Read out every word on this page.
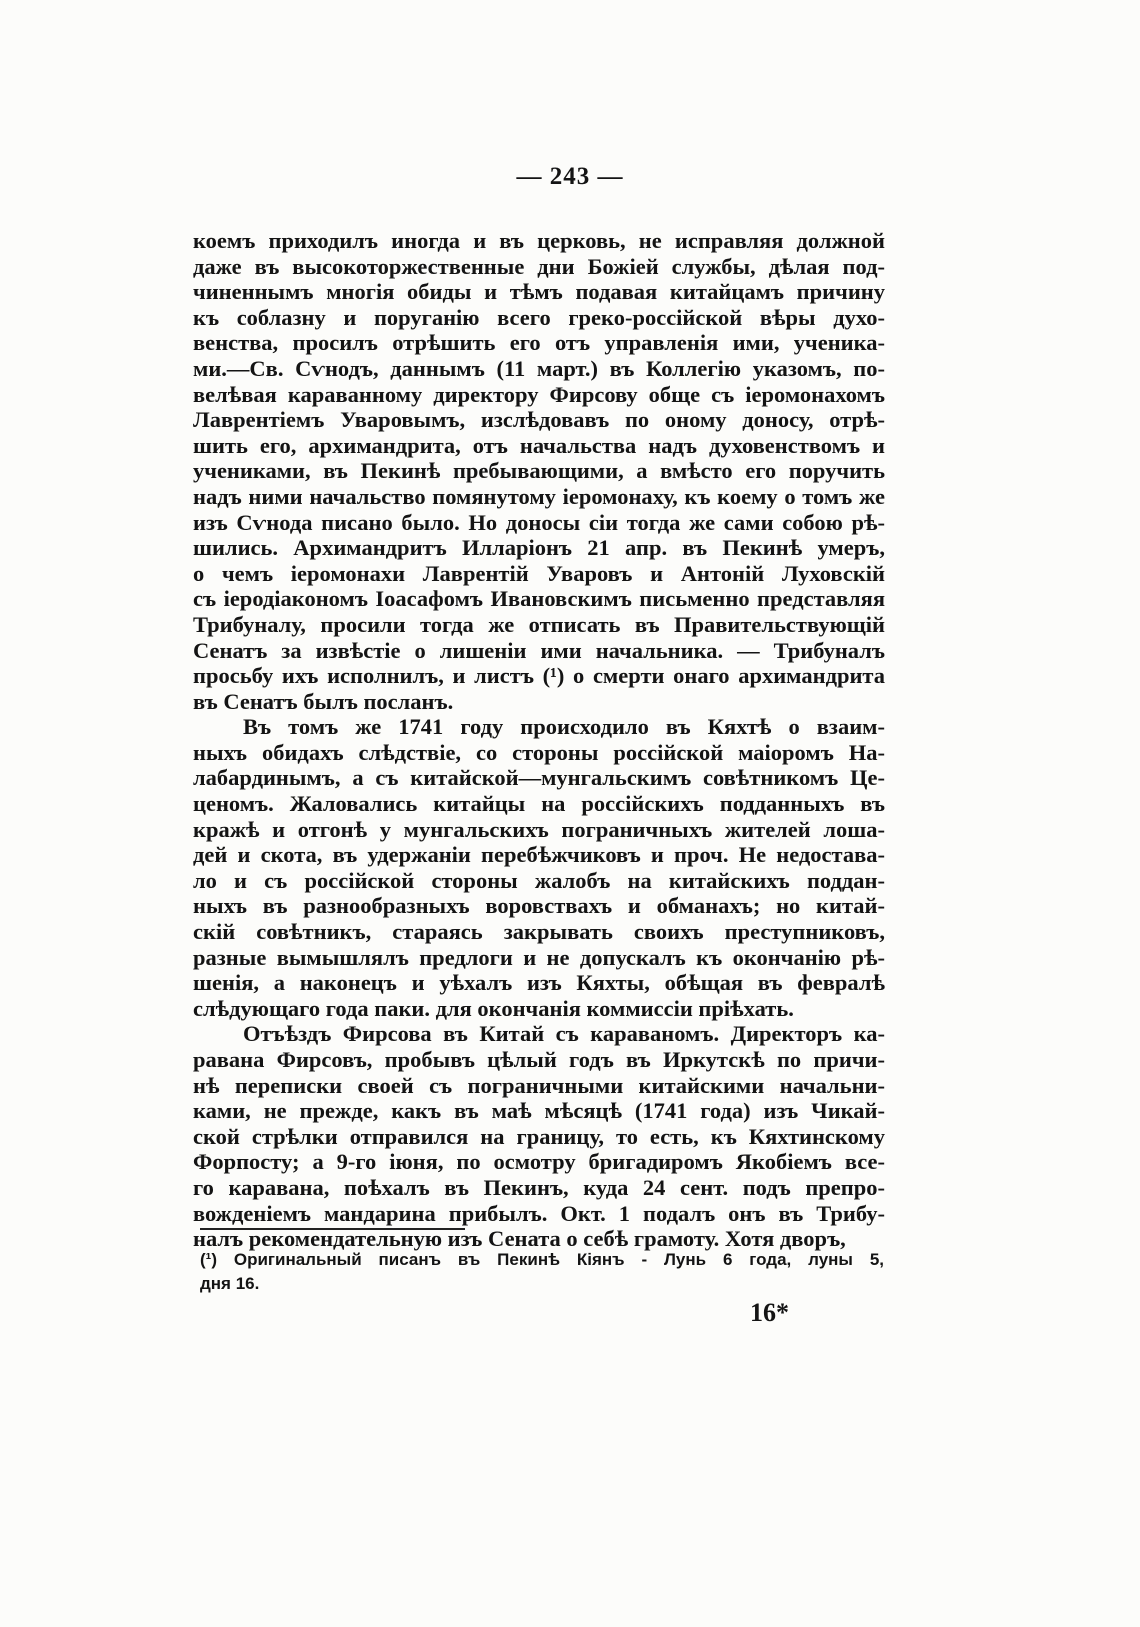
— 243 —
коемъ приходилъ иногда и въ церковь, не исправляя должной
даже въ высокоторжественные дни Божіей службы, дѣлая под-
чиненнымъ многія обиды и тѣмъ подавая китайцамъ причину
къ соблазну и поруганію всего греко-россійской вѣры духо-
венства, просилъ отрѣшить его отъ управленія ими, ученика-
ми.—Св. Сѵнодъ, даннымъ (11 март.) въ Коллегію указомъ, по-
велѣвая караванному директору Фирсову обще съ іеромонахомъ
Лаврентіемъ Уваровымъ, изслѣдовавъ по оному доносу, отрѣ-
шить его, архимандрита, отъ начальства надъ духовенствомъ и
учениками, въ Пекинѣ пребывающими, а вмѣсто его поручить
надъ ними начальство помянутому іеромонаху, къ коему о томъ же
изъ Сѵнода писано было. Но доносы сіи тогда же сами собою рѣ-
шились. Архимандритъ Илларіонъ 21 апр. въ Пекинѣ умеръ,
о чемъ іеромонахи Лаврентій Уваровъ и Антоній Луховскій
съ іеродіакономъ Іоасафомъ Ивановскимъ письменно представляя
Трибуналу, просили тогда же отписать въ Правительствующій
Сенатъ за извѣстіе о лишеніи ими начальника. — Трибуналъ
просьбу ихъ исполнилъ, и листъ (¹) о смерти онаго архимандрита
въ Сенатъ былъ посланъ.
Въ томъ же 1741 году происходило въ Кяхтѣ о взаим-
ныхъ обидахъ слѣдствіе, со стороны россійской маіоромъ На-
лабардинымъ, а съ китайской—мунгальскимъ совѣтникомъ Це-
ценомъ. Жаловались китайцы на россійскихъ подданныхъ въ
кражѣ и отгонѣ у мунгальскихъ пограничныхъ жителей лошa-
дей и скота, въ удержаніи перебѣжчиковъ и проч. Не недостава-
ло и съ россійской стороны жалобъ на китайскихъ поддан-
ныхъ въ разнообразныхъ воровствахъ и обманахъ; но китай-
скій совѣтникъ, стараясь закрывать своихъ преступниковъ,
разные вымышлялъ предлоги и не допускалъ къ окончанію рѣ-
шенія, а наконецъ и уѣхалъ изъ Кяхты, обѣщая въ февралѣ
слѣдующаго года паки. для окончанія коммиссіи пріѣхать.
Отъѣздъ Фирсова въ Китай съ караваномъ. Директоръ ка-
равана Фирсовъ, пробывъ цѣлый годъ въ Иркутскѣ по причи-
нѣ переписки своей съ пограничными китайскими начальни-
ками, не прежде, какъ въ маѣ мѣсяцѣ (1741 года) изъ Чикай-
ской стрѣлки отправился на границу, то есть, къ Кяхтинскому
Форпосту; а 9-го іюня, по осмотру бригадиромъ Якобіемъ все-
го каравана, поѣхалъ въ Пекинъ, куда 24 сент. подъ препро-
вожденіемъ мандарина прибылъ. Окт. 1 подалъ онъ въ Трибу-
налъ рекомендательную изъ Сената о себѣ грамоту. Хотя дворъ,
(¹) Оригинальный писанъ въ Пекинѣ Кіянъ - Лунь 6 года, луны 5,
дня 16.
16*
